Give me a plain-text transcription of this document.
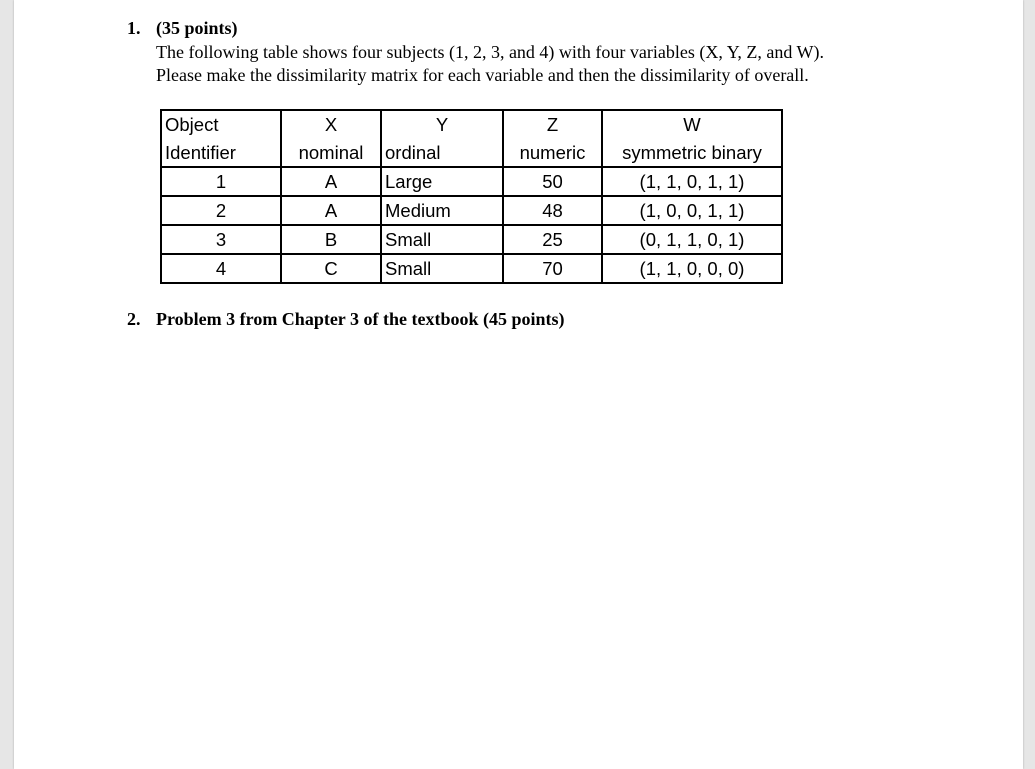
1. (35 points)
The following table shows four subjects (1, 2, 3, and 4) with four variables (X, Y, Z, and W).
Please make the dissimilarity matrix for each variable and then the dissimilarity of overall.
Object	X	Y	Z	W
Identifier	nominal	ordinal	numeric	symmetric binary
1	A	Large	50	(1, 1, 0, 1, 1)
2	A	Medium	48	(1, 0, 0, 1, 1)
3	B	Small	25	(0, 1, 1, 0, 1)
4	C	Small	70	(1, 1, 0, 0, 0)
2. Problem 3 from Chapter 3 of the textbook (45 points)
